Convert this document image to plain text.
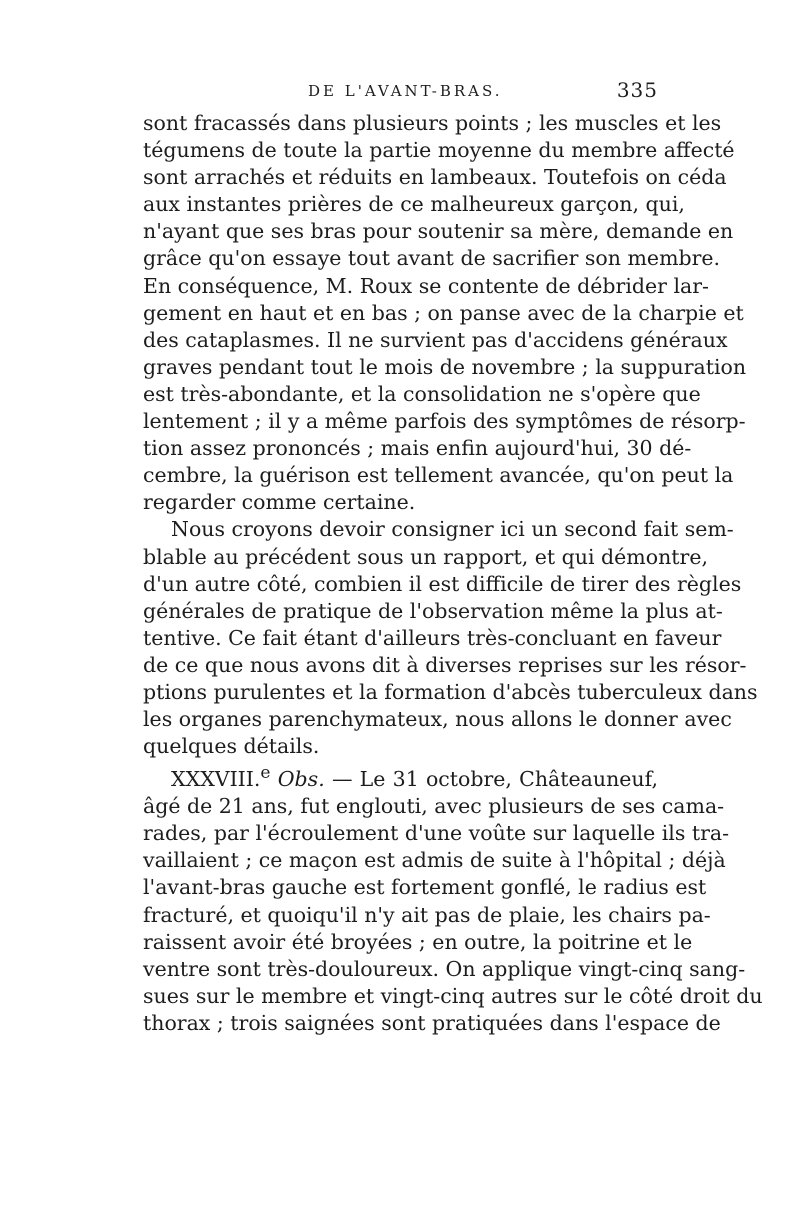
DE L'AVANT-BRAS.	335
sont fracassés dans plusieurs points ; les muscles et les
tégumens de toute la partie moyenne du membre affecté
sont arrachés et réduits en lambeaux. Toutefois on céda
aux instantes prières de ce malheureux garçon, qui,
n'ayant que ses bras pour soutenir sa mère, demande en
grâce qu'on essaye tout avant de sacrifier son membre.
En conséquence, M. Roux se contente de débrider lar-
gement en haut et en bas ; on panse avec de la charpie et
des cataplasmes. Il ne survient pas d'accidens généraux
graves pendant tout le mois de novembre ; la suppuration
est très-abondante, et la consolidation ne s'opère que
lentement ; il y a même parfois des symptômes de résorp-
tion assez prononcés ; mais enfin aujourd'hui, 30 dé-
cembre, la guérison est tellement avancée, qu'on peut la
regarder comme certaine.
Nous croyons devoir consigner ici un second fait sem-
blable au précédent sous un rapport, et qui démontre,
d'un autre côté, combien il est difficile de tirer des règles
générales de pratique de l'observation même la plus at-
tentive. Ce fait étant d'ailleurs très-concluant en faveur
de ce que nous avons dit à diverses reprises sur les résor-
ptions purulentes et la formation d'abcès tuberculeux dans
les organes parenchymateux, nous allons le donner avec
quelques détails.
XXXVIII.$^e$ Obs. — Le 31 octobre, Châteauneuf,
âgé de 21 ans, fut englouti, avec plusieurs de ses cama-
rades, par l'écroulement d'une voûte sur laquelle ils tra-
vaillaient ; ce maçon est admis de suite à l'hôpital ; déjà
l'avant-bras gauche est fortement gonflé, le radius est
fracturé, et quoiqu'il n'y ait pas de plaie, les chairs pa-
raissent avoir été broyées ; en outre, la poitrine et le
ventre sont très-douloureux. On applique vingt-cinq sang-
sues sur le membre et vingt-cinq autres sur le côté droit du
thorax ; trois saignées sont pratiquées dans l'espace de
